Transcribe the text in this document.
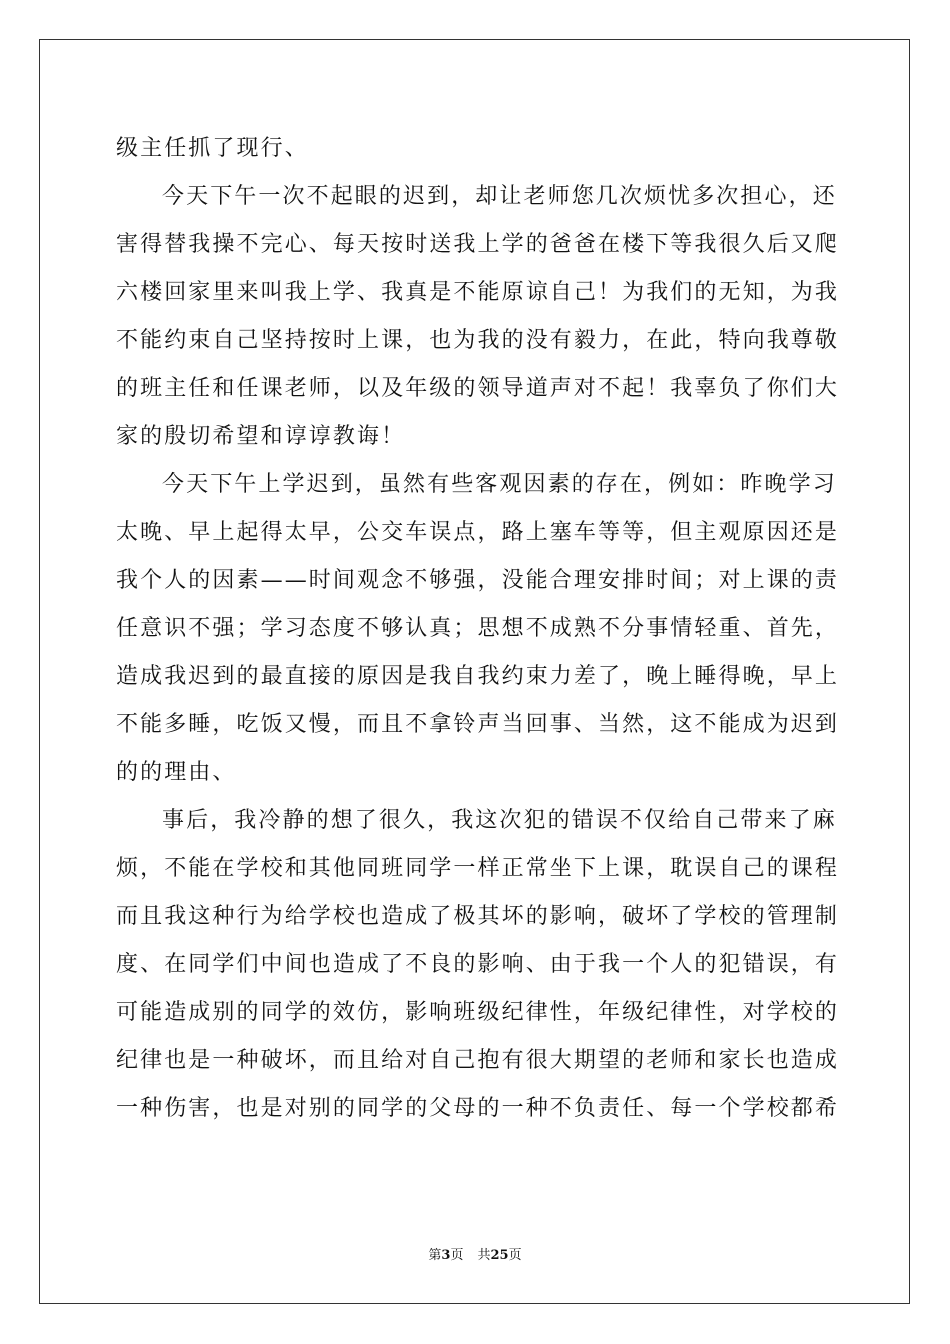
级主任抓了现行、
今天下午一次不起眼的迟到，却让老师您几次烦忧多次担心，还
害得替我操不完心、每天按时送我上学的爸爸在楼下等我很久后又爬
六楼回家里来叫我上学、我真是不能原谅自己！为我们的无知，为我
不能约束自己坚持按时上课，也为我的没有毅力，在此，特向我尊敬
的班主任和任课老师，以及年级的领导道声对不起！我辜负了你们大
家的殷切希望和谆谆教诲！
今天下午上学迟到，虽然有些客观因素的存在，例如：昨晚学习
太晚、早上起得太早，公交车误点，路上塞车等等，但主观原因还是
我个人的因素——时间观念不够强，没能合理安排时间；对上课的责
任意识不强；学习态度不够认真；思想不成熟不分事情轻重、首先，
造成我迟到的最直接的原因是我自我约束力差了，晚上睡得晚，早上
不能多睡，吃饭又慢，而且不拿铃声当回事、当然，这不能成为迟到
的的理由、
事后，我冷静的想了很久，我这次犯的错误不仅给自己带来了麻
烦，不能在学校和其他同班同学一样正常坐下上课，耽误自己的课程
而且我这种行为给学校也造成了极其坏的影响，破坏了学校的管理制
度、在同学们中间也造成了不良的影响、由于我一个人的犯错误，有
可能造成别的同学的效仿，影响班级纪律性，年级纪律性，对学校的
纪律也是一种破坏，而且给对自己抱有很大期望的老师和家长也造成
一种伤害，也是对别的同学的父母的一种不负责任、每一个学校都希
第3页 共25页
